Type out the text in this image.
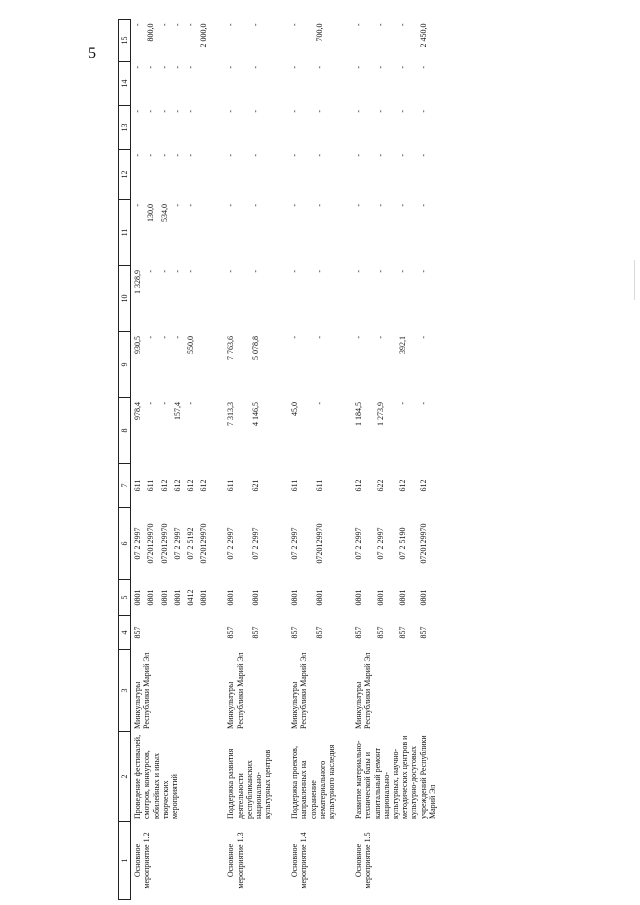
5
1	2	3	4	5	6	7	8	9	10	11	12	13	14	15
Основное мероприятие 1.2	Проведение фестивалей, смотров, конкурсов, юбилейных и иных творческих мероприятий	Минкультуры Республики Марий Эл	857	0801	07 2 2997	611	978,4	930,5	1 328,9	-	-	-	-	-
				0801	0720129970	611	-	-	-	130,0	-	-	-	800,0
				0801	0720129970	612	-	-	-	534,0	-	-	-	-
				0801	07 2 2997	612	157,4	-	-	-	-	-	-	-
				0412	07 2 5192	612	-	550,0	-	-	-	-	-	-
				0801	0720129970	612								2 000,0

Основное мероприятие 1.3	Поддержка развития деятельности республиканских национально-культурных центров	Минкультуры Республики Марий Эл	857	0801	07 2 2997	611	7 313,3	7 763,6	-	-	-	-	-	-
			857	0801	07 2 2997	621	4 146,5	5 078,8	-	-	-	-	-	-

Основное мероприятие 1.4	Поддержка проектов, направленных на сохранение нематериального культурного наследия	Минкультуры Республики Марий Эл	857	0801	07 2 2997	611	45,0	-	-	-	-	-	-	-
			857	0801	0720129970	611	-	-	-	-	-	-	-	700,0

Основное мероприятие 1.5	Развитие материально-технической базы и капитальный ремонт национально-культурных, научно-методических центров и культурно-досуговых учреждений Республики Марий Эл	Минкультуры Республики Марий Эл	857	0801	07 2 2997	612	1 184,5	-	-	-	-	-	-	-
			857	0801	07 2 2997	622	1 273,9	-	-	-	-	-	-	-
			857	0801	07 2 5190	612	-	392,1	-	-	-	-	-	-
			857	0801	0720129970	612	-	-	-	-	-	-	-	2 450,0
